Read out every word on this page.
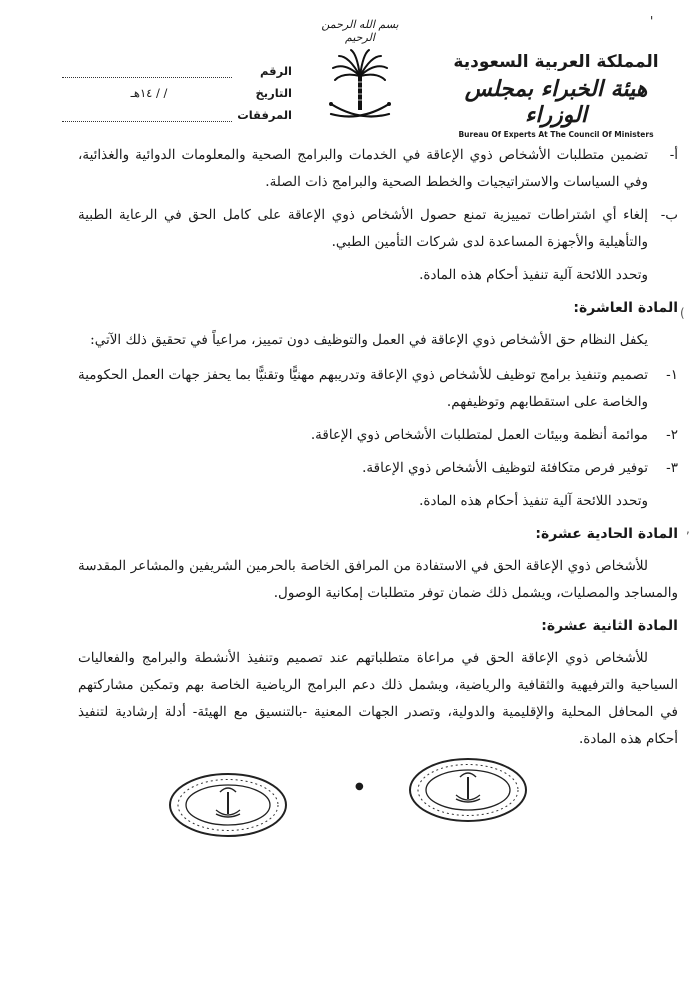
'
المملكة العربية السعودية
هيئة الخبراء بمجلس الوزراء
Bureau Of Experts At The Council Of Ministers
بسم الله الرحمن الرحيم
الرقم
التاريخ
/ / ١٤هـ
المرفقات
(
,
أ-
تضمين متطلبات الأشخاص ذوي الإعاقة في الخدمات والبرامج الصحية والمعلومات الدوائية والغذائية، وفي السياسات والاستراتيجيات والخطط الصحية والبرامج ذات الصلة.
ب-
إلغاء أي اشتراطات تمييزية تمنع حصول الأشخاص ذوي الإعاقة على كامل الحق في الرعاية الطبية والتأهيلية والأجهزة المساعدة لدى شركات التأمين الطبي.
وتحدد اللائحة آلية تنفيذ أحكام هذه المادة.
المادة العاشرة:
يكفل النظام حق الأشخاص ذوي الإعاقة في العمل والتوظيف دون تمييز، مراعياً في تحقيق ذلك الآتي:
١-
تصميم وتنفيذ برامج توظيف للأشخاص ذوي الإعاقة وتدريبهم مهنيًّا وتقنيًّا بما يحفز جهات العمل الحكومية والخاصة على استقطابهم وتوظيفهم.
٢-
موائمة أنظمة وبيئات العمل لمتطلبات الأشخاص ذوي الإعاقة.
٣-
توفير فرص متكافئة لتوظيف الأشخاص ذوي الإعاقة.
وتحدد اللائحة آلية تنفيذ أحكام هذه المادة.
المادة الحادية عشرة:
للأشخاص ذوي الإعاقة الحق في الاستفادة من المرافق الخاصة بالحرمين الشريفين والمشاعر المقدسة والمساجد والمصليات، ويشمل ذلك ضمان توفر متطلبات إمكانية الوصول.
المادة الثانية عشرة:
للأشخاص ذوي الإعاقة الحق في مراعاة متطلباتهم عند تصميم وتنفيذ الأنشطة والبرامج والفعاليات السياحية والترفيهية والثقافية والرياضية، ويشمل ذلك دعم البرامج الرياضية الخاصة بهم وتمكين مشاركتهم في المحافل المحلية والإقليمية والدولية، وتصدر الجهات المعنية -بالتنسيق مع الهيئة- أدلة إرشادية لتنفيذ أحكام هذه المادة.
●
